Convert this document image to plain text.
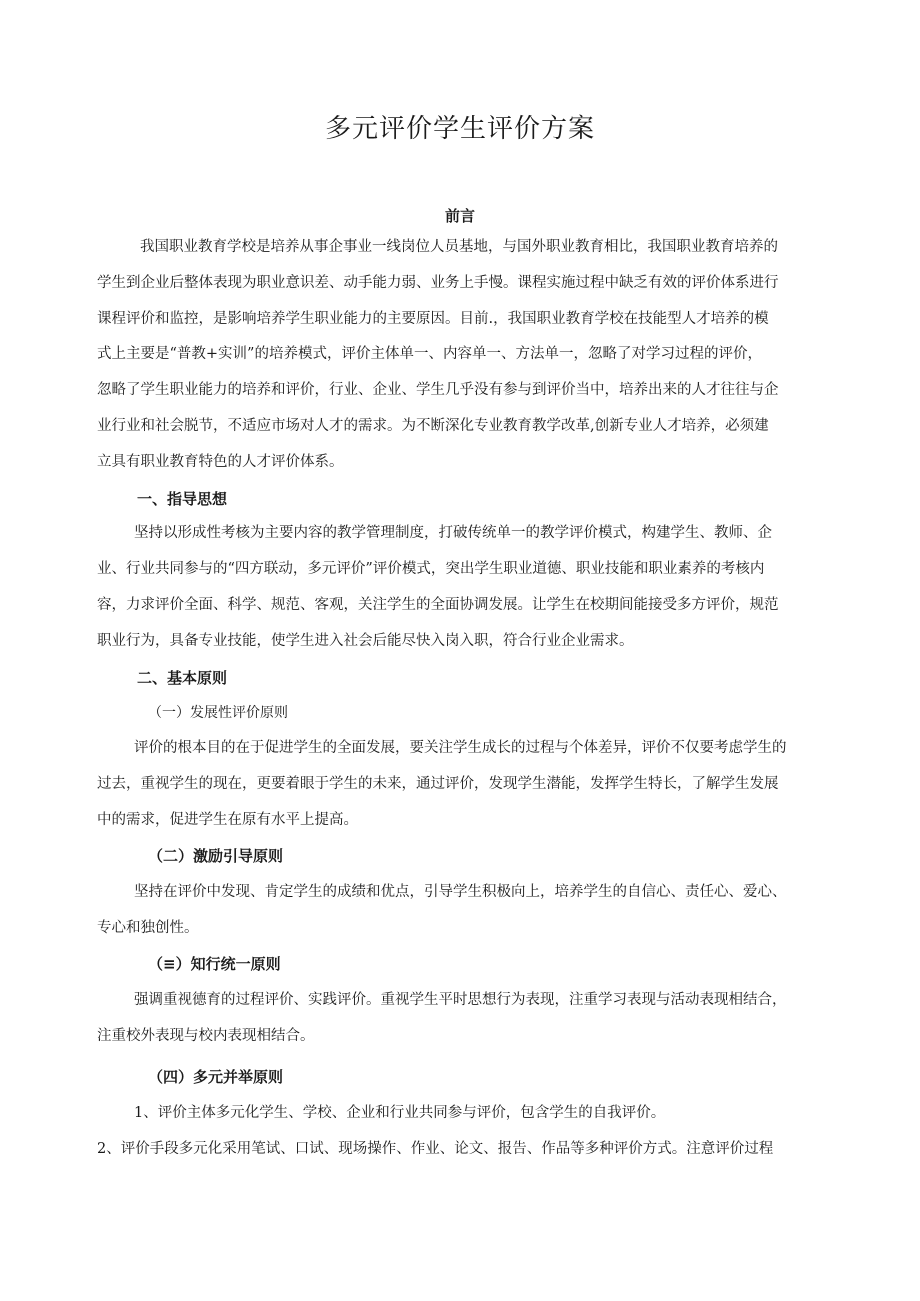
多元评价学生评价方案
前言

我国职业教育学校是培养从事企事业一线岗位人员基地，与国外职业教育相比，我国职业教育培养的

学生到企业后整体表现为职业意识差、动手能力弱、业务上手慢。课程实施过程中缺乏有效的评价体系进行

课程评价和监控，是影响培养学生职业能力的主要原因。目前.，我国职业教育学校在技能型人才培养的模

式上主要是“普教+实训”的培养模式，评价主体单一、内容单一、方法单一，忽略了对学习过程的评价，

忽略了学生职业能力的培养和评价，行业、企业、学生几乎没有参与到评价当中，培养出来的人才往往与企

业行业和社会脱节，不适应市场对人才的需求。为不断深化专业教育教学改革,创新专业人才培养，必须建

立具有职业教育特色的人才评价体系。

一、指导思想

坚持以形成性考核为主要内容的教学管理制度，打破传统单一的教学评价模式，构建学生、教师、企

业、行业共同参与的“四方联动，多元评价”评价模式，突出学生职业道德、职业技能和职业素养的考核内

容，力求评价全面、科学、规范、客观，关注学生的全面协调发展。让学生在校期间能接受多方评价，规范

职业行为，具备专业技能，使学生进入社会后能尽快入岗入职，符合行业企业需求。

二、基本原则
（一）发展性评价原则

评价的根本目的在于促进学生的全面发展，要关注学生成长的过程与个体差异，评价不仅要考虑学生的

过去，重视学生的现在，更要着眼于学生的未来，通过评价，发现学生潜能，发挥学生特长，了解学生发展

中的需求，促进学生在原有水平上提高。

（二）激励引导原则

坚持在评价中发现、肯定学生的成绩和优点，引导学生积极向上，培养学生的自信心、责任心、爱心、

专心和独创性。

（≡）知行统一原则

强调重视德育的过程评价、实践评价。重视学生平时思想行为表现，注重学习表现与活动表现相结合，

注重校外表现与校内表现相结合。

（四）多元并举原则

1、评价主体多元化学生、学校、企业和行业共同参与评价，包含学生的自我评价。

2、评价手段多元化采用笔试、口试、现场操作、作业、论文、报告、作品等多种评价方式。注意评价过程
